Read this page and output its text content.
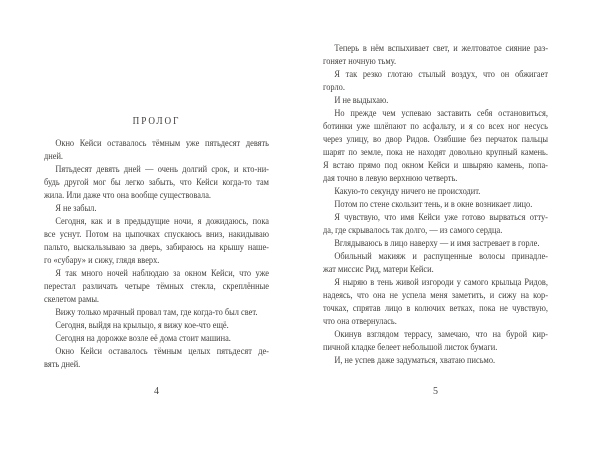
ПРОЛОГ
Окно Кейси оставалось тёмным уже пятьдесят девять
дней.
Пятьдесят девять дней — очень долгий срок, и кто-ни-
будь другой мог бы легко забыть, что Кейси когда-то там
жила. Или даже что она вообще существовала.
Я не забыл.
Сегодня, как и в предыдущие ночи, я дожидаюсь, пока
все уснут. Потом на цыпочках спускаюсь вниз, накидываю
пальто, выскальзываю за дверь, забираюсь на крышу наше-
го «субару» и сижу, глядя вверх.
Я так много ночей наблюдаю за окном Кейси, что уже
перестал различать четыре тёмных стекла, скреплённые
скелетом рамы.
Вижу только мрачный провал там, где когда-то был свет.
Сегодня, выйдя на крыльцо, я вижу кое-что ещё.
Сегодня на дорожке возле её дома стоит машина.
Окно Кейси оставалось тёмным целых пятьдесят де-
вять дней.
Теперь в нём вспыхивает свет, и желтоватое сияние раз-
гоняет ночную тьму.
Я так резко глотаю стылый воздух, что он обжигает
горло.
И не выдыхаю.
Но прежде чем успеваю заставить себя остановиться,
ботинки уже шлёпают по асфальту, и я со всех ног несусь
через улицу, во двор Ридов. Озябшие без перчаток пальцы
шарят по земле, пока не находят довольно крупный камень.
Я встаю прямо под окном Кейси и швыряю камень, попа-
дая точно в левую верхнюю четверть.
Какую-то секунду ничего не происходит.
Потом по стене скользит тень, и в окне возникает лицо.
Я чувствую, что имя Кейси уже готово вырваться отту-
да, где скрывалось так долго, — из самого сердца.
Вглядываюсь в лицо наверху — и имя застревает в горле.
Обильный макияж и распущенные волосы принадле-
жат миссис Рид, матери Кейси.
Я ныряю в тень живой изгороди у самого крыльца Ридов,
надеясь, что она не успела меня заметить, и сижу на кор-
точках, спрятав лицо в колючих ветках, пока не чувствую,
что она отвернулась.
Окинув взглядом террасу, замечаю, что на бурой кир-
пичной кладке белеет небольшой листок бумаги.
И, не успев даже задуматься, хватаю письмо.
4	5
